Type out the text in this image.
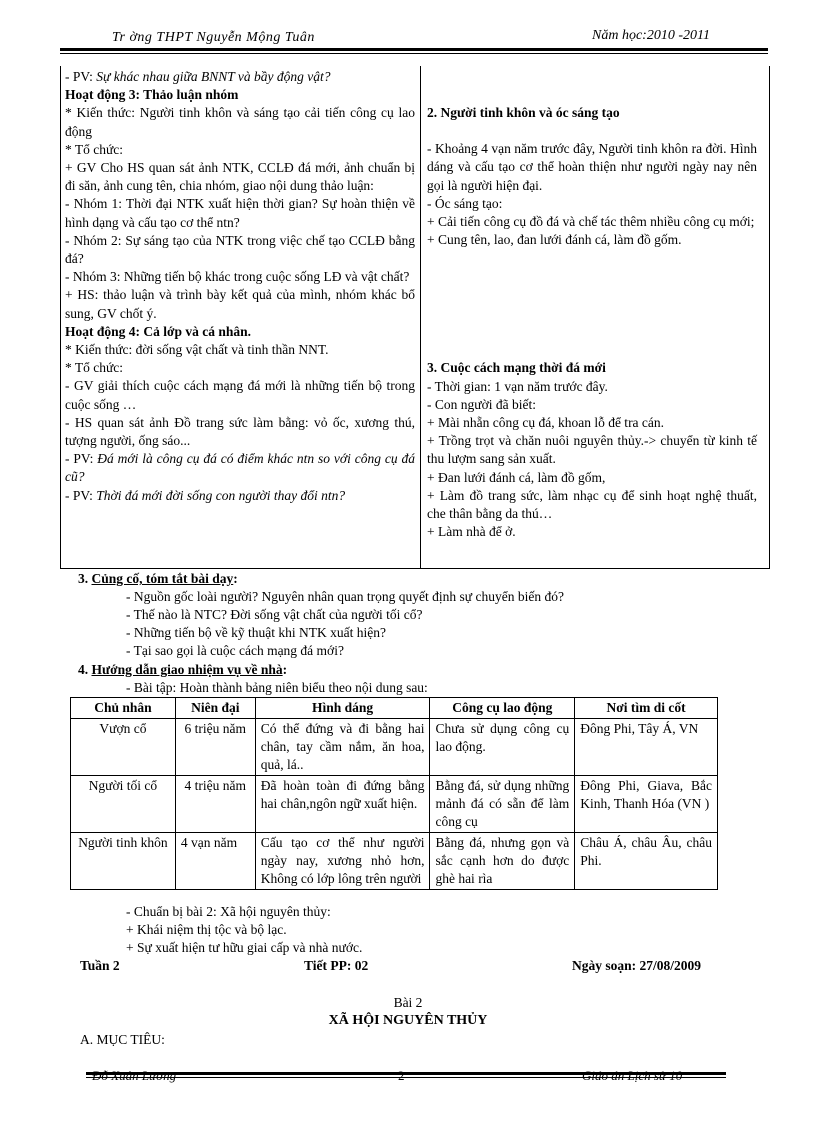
Tr ờng THPT Nguyễn Mộng Tuân	Năm học:2010 -2011

- PV: Sự khác nhau giữa BNNT và bầy động vật?

Hoạt động 3: Thảo luận nhóm

* Kiến thức: Người tinh khôn và sáng tạo cải tiến công cụ lao động

* Tổ chức:

+ GV Cho HS quan sát ảnh NTK, CCLĐ đá mới, ảnh chuẩn bị đi săn, ảnh cung tên, chia nhóm, giao nội dung thảo luận:

- Nhóm 1: Thời đại NTK xuất hiện thời gian? Sự hoàn thiện về hình dạng và cấu tạo cơ thể ntn?

- Nhóm 2: Sự sáng tạo của NTK trong việc chế tạo CCLĐ bằng đá?

- Nhóm 3: Những tiến bộ khác trong cuộc sống LĐ và vật chất?

+ HS: thảo luận và trình bày kết quả của mình, nhóm khác bổ sung, GV chốt ý.

Hoạt động 4: Cả lớp và cá nhân.

* Kiến thức: đời sống vật chất và tinh thần NNT.

* Tổ chức:

- GV giải thích cuộc cách mạng đá mới là những tiến bộ trong cuộc sống …

- HS quan sát ảnh Đồ trang sức làm bằng: vỏ ốc, xương thú, tượng người, ống sáo...

- PV: Đá mới là công cụ đá có điểm khác ntn so với công cụ đá cũ?

- PV: Thời đá mới đời sống con người thay đổi ntn?

2. Người tinh khôn và óc sáng tạo

- Khoảng 4 vạn năm trước đây, Người tinh khôn ra đời. Hình dáng và cấu tạo cơ thể hoàn thiện như người ngày nay nên gọi là người hiện đại.

- Óc sáng tạo:

+ Cải tiến công cụ đồ đá và chế tác thêm nhiều công cụ mới;

+ Cung tên, lao, đan lưới đánh cá, làm đồ gốm.

3. Cuộc cách mạng thời đá mới

- Thời gian: 1 vạn năm trước đây.

- Con người đã biết:

+ Mài nhẵn công cụ đá, khoan lỗ để tra cán.

+ Trồng trọt và chăn nuôi nguyên thủy.-> chuyển từ kinh tế thu lượm sang sản xuất.

+ Đan lưới đánh cá, làm đồ gốm,

+ Làm đồ trang sức, làm nhạc cụ để sinh hoạt nghệ thuất, che thân bằng da thú…

+ Làm nhà để ở.

3. Củng cố, tóm tắt bài dạy:

- Nguồn gốc loài người? Nguyên nhân quan trọng quyết định sự chuyển biến đó?

- Thế nào là NTC? Đời sống vật chất của người tối cổ?

- Những tiến bộ về kỹ thuật khi NTK xuất hiện?

- Tại sao gọi là cuộc cách mạng đá mới?

4. Hướng dẫn giao nhiệm vụ về nhà:

- Bài tập: Hoàn thành bảng niên biểu theo nội dung sau:

Chủ nhân	Niên đại	Hình dáng	Công cụ lao động	Nơi tìm di cốt
Vượn cổ	6 triệu năm	Có thể đứng và đi bằng hai chân, tay cầm nắm, ăn hoa, quả, lá..	Chưa sử dụng công cụ lao động.	Đông Phi, Tây Á, VN
Người tối cổ	4 triệu năm	Đã hoàn toàn đi đứng bằng hai chân,ngôn ngữ xuất hiện.	Bằng đá, sử dụng những mảnh đá có sẵn để làm công cụ	Đông Phi, Giava, Bắc Kinh, Thanh Hóa (VN )
Người tinh khôn	4 vạn năm	Cấu tạo cơ thể như người ngày nay, xương nhỏ hơn, Không có lớp lông trên người	Bằng đá, nhưng gọn và sắc cạnh hơn do được ghè hai rìa	Châu Á, châu Âu, châu Phi.

- Chuẩn bị bài 2: Xã hội nguyên thủy:

+ Khái niệm thị tộc và bộ lạc.

+ Sự xuất hiện tư hữu giai cấp và nhà nước.

Tuần 2	Tiết PP: 02	Ngày soạn: 27/08/2009
Bài 2
XÃ HỘI NGUYÊN THỦY
A. MỤC TIÊU:
Đỗ Xuân Lương	2	Giáo án Lịch sử 10
